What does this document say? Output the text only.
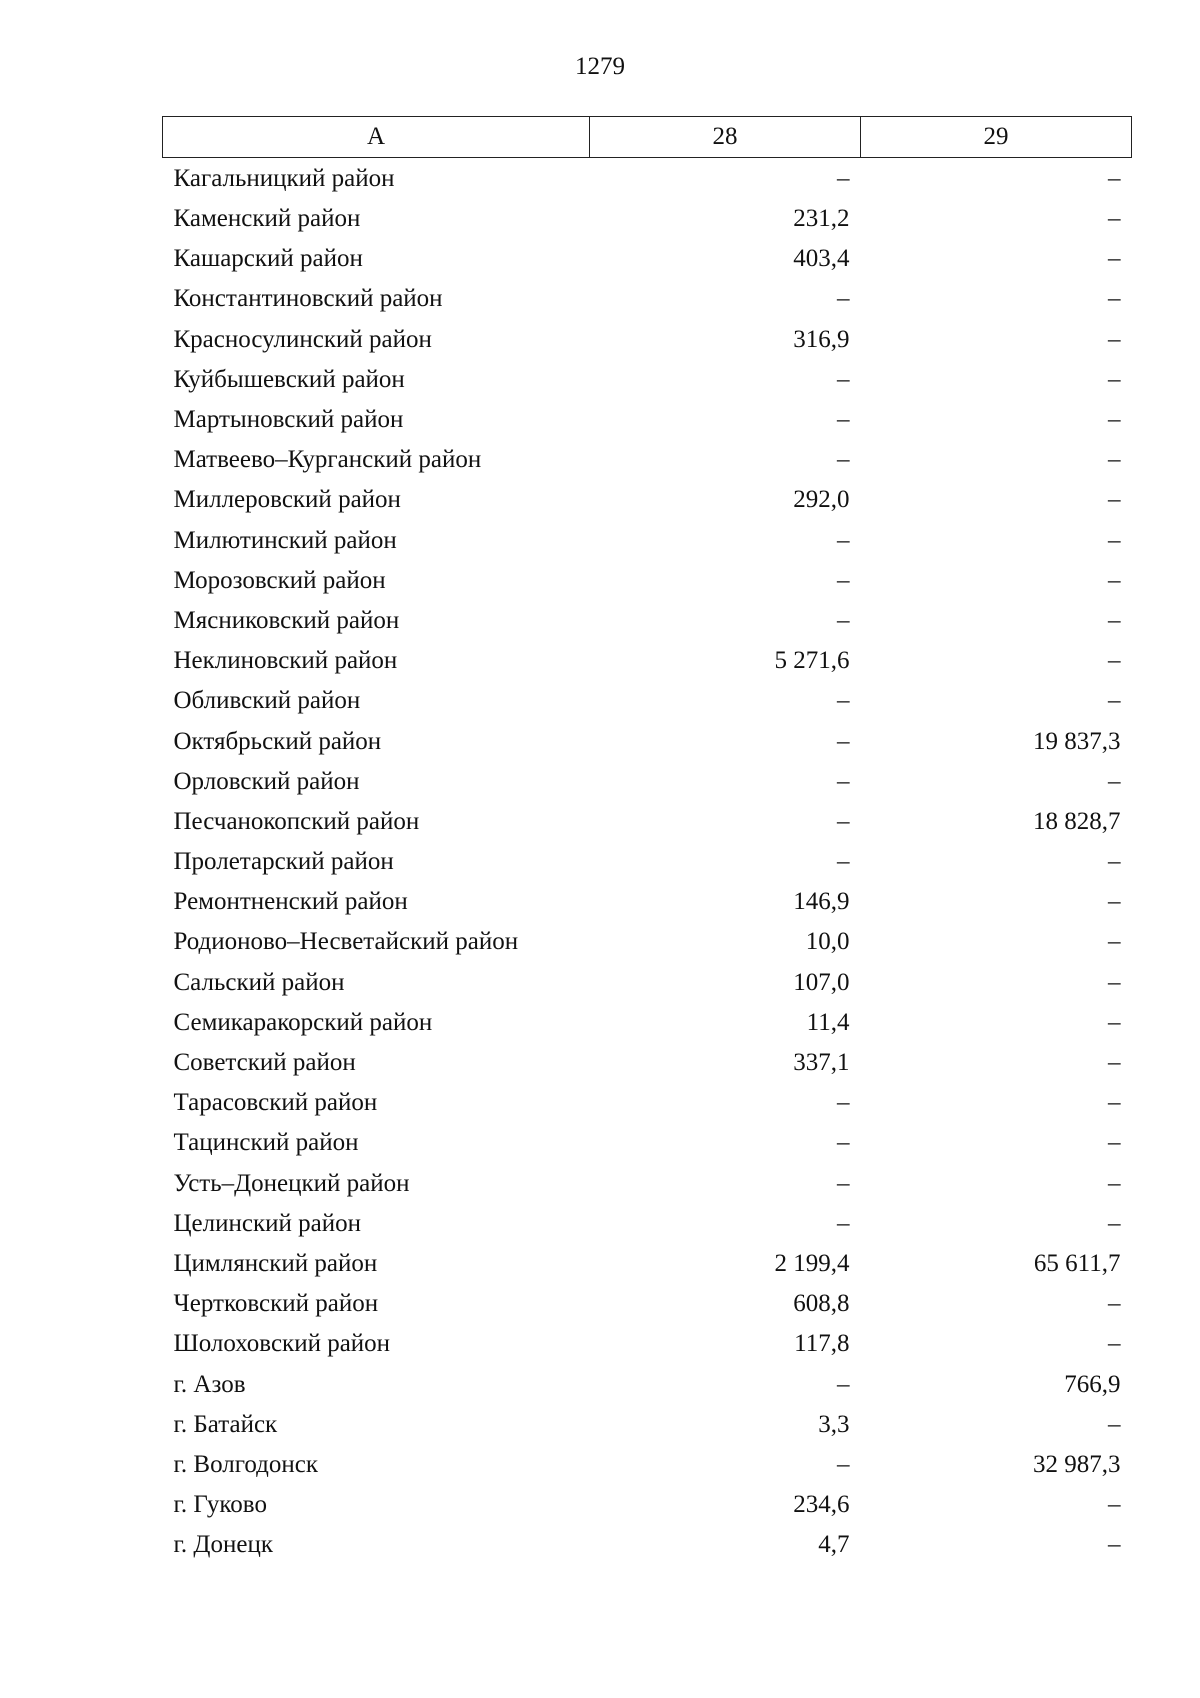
1279
А	28	29
Кагальницкий район	–	–
Каменский район	231,2	–
Кашарский район	403,4	–
Константиновский район	–	–
Красносулинский район	316,9	–
Куйбышевский район	–	–
Мартыновский район	–	–
Матвеево–Курганский район	–	–
Миллеровский район	292,0	–
Милютинский район	–	–
Морозовский район	–	–
Мясниковский район	–	–
Неклиновский район	5 271,6	–
Обливский район	–	–
Октябрьский район	–	19 837,3
Орловский район	–	–
Песчанокопский район	–	18 828,7
Пролетарский район	–	–
Ремонтненский район	146,9	–
Родионово–Несветайский район	10,0	–
Сальский район	107,0	–
Семикаракорский район	11,4	–
Советский район	337,1	–
Тарасовский район	–	–
Тацинский район	–	–
Усть–Донецкий район	–	–
Целинский район	–	–
Цимлянский район	2 199,4	65 611,7
Чертковский район	608,8	–
Шолоховский район	117,8	–
г. Азов	–	766,9
г. Батайск	3,3	–
г. Волгодонск	–	32 987,3
г. Гуково	234,6	–
г. Донецк	4,7	–
